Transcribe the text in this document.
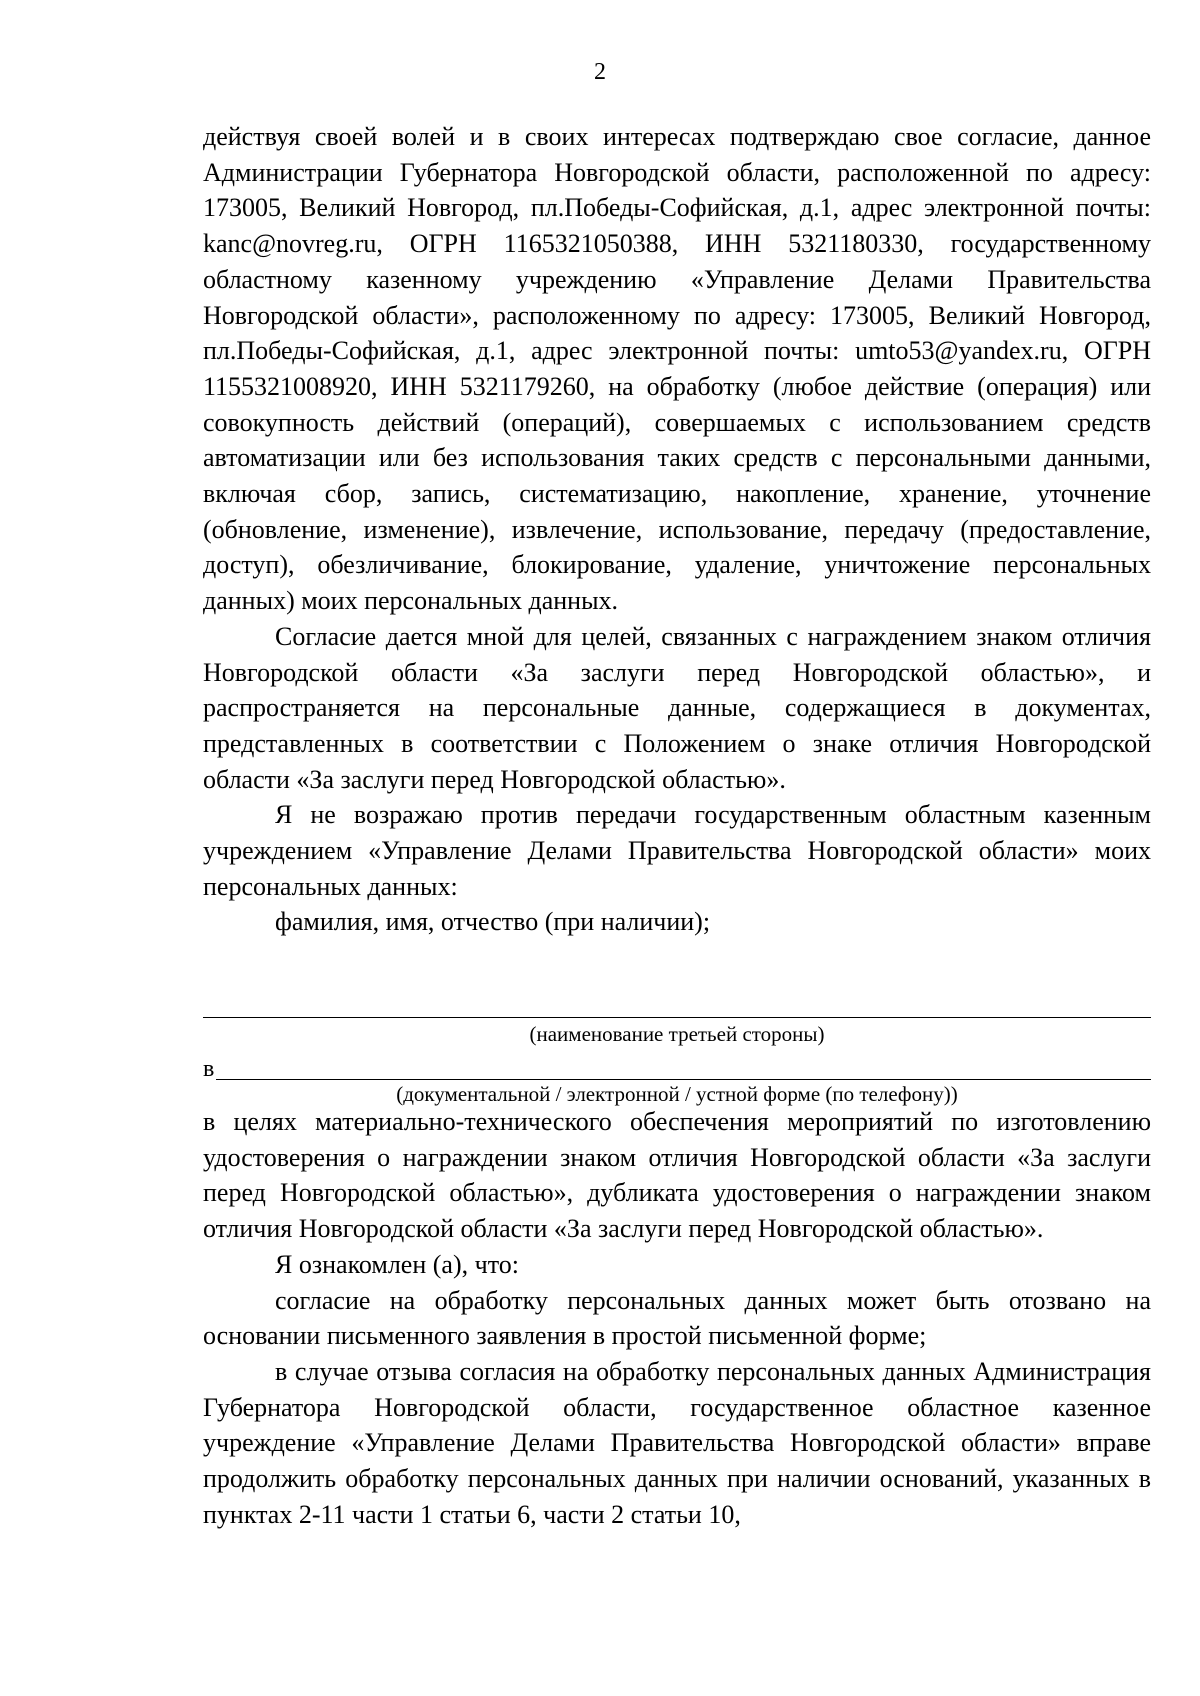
2

действуя своей волей и в своих интересах подтверждаю свое согласие, данное Администрации Губернатора Новгородской области, расположенной по адресу: 173005, Великий Новгород, пл.Победы-Софийская, д.1, адрес электронной почты: kanc@novreg.ru, ОГРН 1165321050388, ИНН 5321180330, государственному областному казенному учреждению «Управление Делами Правительства Новгородской области», расположенному по адресу: 173005, Великий Новгород, пл.Победы-Софийская, д.1, адрес электронной почты: umto53@yandex.ru, ОГРН 1155321008920, ИНН 5321179260, на обработку (любое действие (операция) или совокупность действий (операций), совершаемых с использованием средств автоматизации или без использования таких средств с персональными данными, включая сбор, запись, систематизацию, накопление, хранение, уточнение (обновление, изменение), извлечение, использование, передачу (предоставление, доступ), обезличивание, блокирование, удаление, уничтожение персональных данных) моих персональных данных.

Согласие дается мной для целей, связанных с награждением знаком отличия Новгородской области «За заслуги перед Новгородской областью», и распространяется на персональные данные, содержащиеся в документах, представленных в соответствии с Положением о знаке отличия Новгородской области «За заслуги перед Новгородской областью».

Я не возражаю против передачи государственным областным казенным учреждением «Управление Делами Правительства Новгородской области» моих персональных данных:

фамилия, имя, отчество (при наличии);

(наименование третьей стороны)
в
(документальной / электронной / устной форме (по телефону))

в целях материально-технического обеспечения мероприятий по изготовлению удостоверения о награждении знаком отличия Новгородской области «За заслуги перед Новгородской областью», дубликата удостоверения о награждении знаком отличия Новгородской области «За заслуги перед Новгородской областью».

Я ознакомлен (а), что:

согласие на обработку персональных данных может быть отозвано на основании письменного заявления в простой письменной форме;

в случае отзыва согласия на обработку персональных данных Администрация Губернатора Новгородской области, государственное областное казенное учреждение «Управление Делами Правительства Новгородской области» вправе продолжить обработку персональных данных при наличии оснований, указанных в пунктах 2-11 части 1 статьи 6, части 2 статьи 10,
